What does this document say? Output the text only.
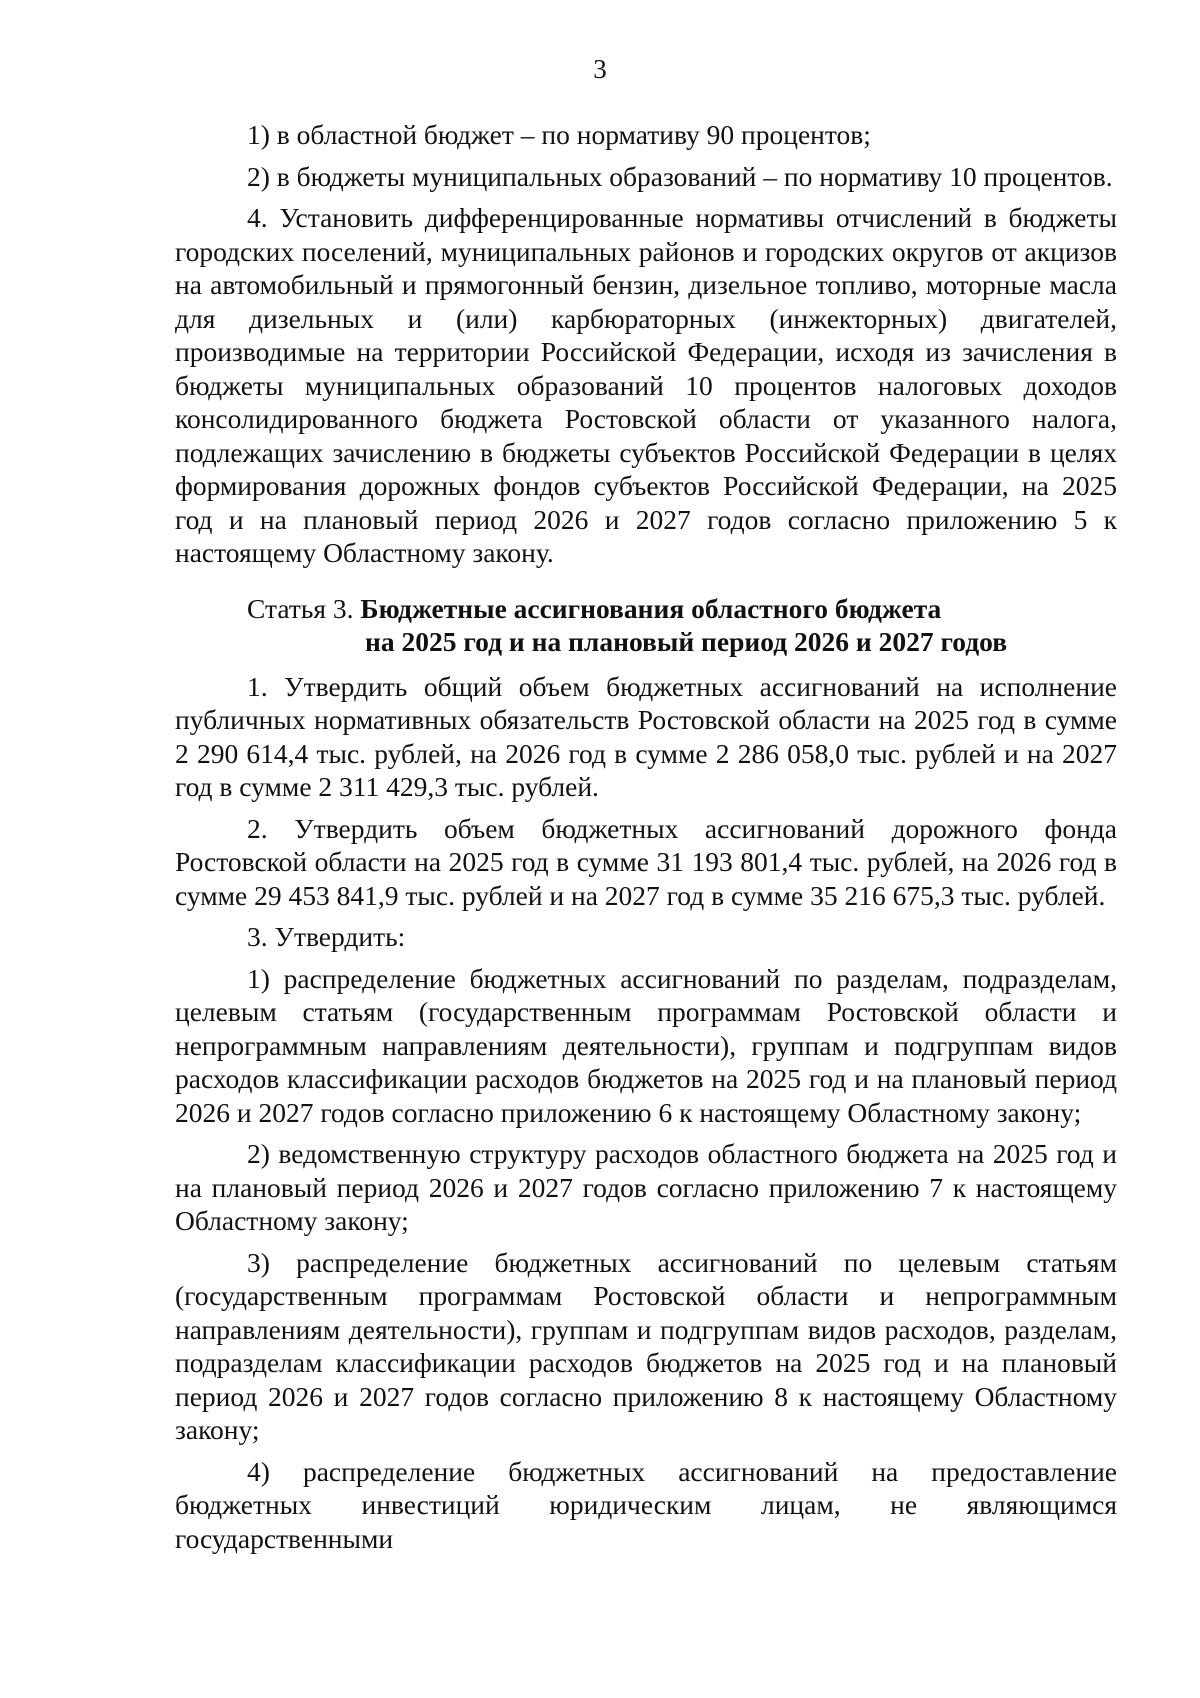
3

1) в областной бюджет – по нормативу 90 процентов;

2) в бюджеты муниципальных образований – по нормативу 10 процентов.

4. Установить дифференцированные нормативы отчислений в бюджеты городских поселений, муниципальных районов и городских округов от акцизов на автомобильный и прямогонный бензин, дизельное топливо, моторные масла для дизельных и (или) карбюраторных (инжекторных) двигателей, производимые на территории Российской Федерации, исходя из зачисления в бюджеты муниципальных образований 10 процентов налоговых доходов консолидированного бюджета Ростовской области от указанного налога, подлежащих зачислению в бюджеты субъектов Российской Федерации в целях формирования дорожных фондов субъектов Российской Федерации, на 2025 год и на плановый период 2026 и 2027 годов согласно приложению 5 к настоящему Областному закону.

Статья 3. Бюджетные ассигнования областного бюджета
на 2025 год и на плановый период 2026 и 2027 годов

1. Утвердить общий объем бюджетных ассигнований на исполнение публичных нормативных обязательств Ростовской области на 2025 год в сумме 2 290 614,4 тыс. рублей, на 2026 год в сумме 2 286 058,0 тыс. рублей и на 2027 год в сумме 2 311 429,3 тыс. рублей.

2. Утвердить объем бюджетных ассигнований дорожного фонда Ростовской области на 2025 год в сумме 31 193 801,4 тыс. рублей, на 2026 год в сумме 29 453 841,9 тыс. рублей и на 2027 год в сумме 35 216 675,3 тыс. рублей.

3. Утвердить:

1) распределение бюджетных ассигнований по разделам, подразделам, целевым статьям (государственным программам Ростовской области и непрограммным направлениям деятельности), группам и подгруппам видов расходов классификации расходов бюджетов на 2025 год и на плановый период 2026 и 2027 годов согласно приложению 6 к настоящему Областному закону;

2) ведомственную структуру расходов областного бюджета на 2025 год и на плановый период 2026 и 2027 годов согласно приложению 7 к настоящему Областному закону;

3) распределение бюджетных ассигнований по целевым статьям (государственным программам Ростовской области и непрограммным направлениям деятельности), группам и подгруппам видов расходов, разделам, подразделам классификации расходов бюджетов на 2025 год и на плановый период 2026 и 2027 годов согласно приложению 8 к настоящему Областному закону;

4) распределение бюджетных ассигнований на предоставление бюджетных инвестиций юридическим лицам, не являющимся государственными
